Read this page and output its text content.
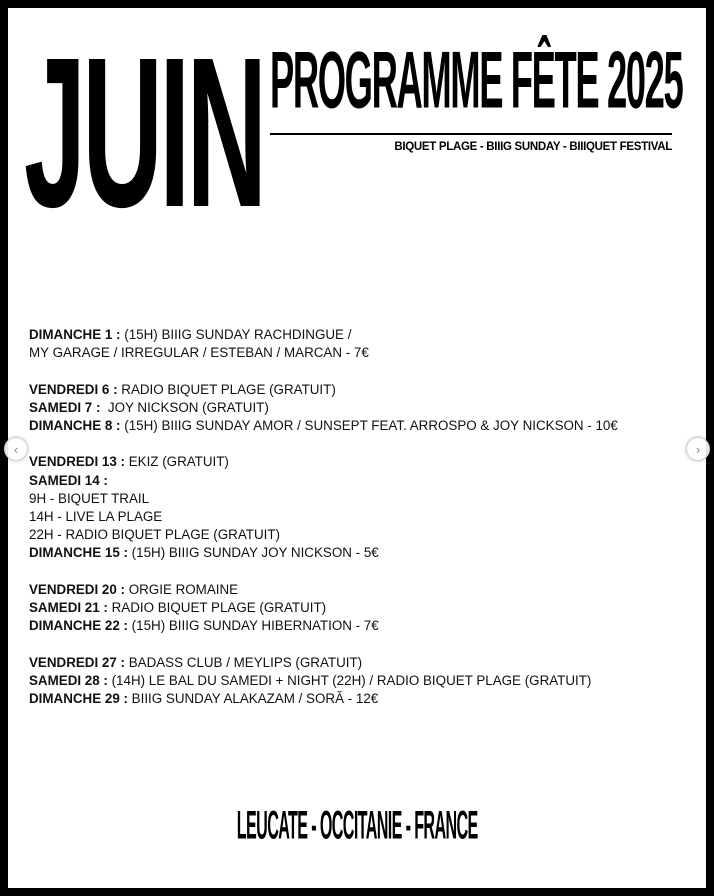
JUIN PROGRAMME FÊTE 2025
BIQUET PLAGE - BIIIG SUNDAY - BIIIQUET FESTIVAL
DIMANCHE 1 : (15H) BIIIG SUNDAY RACHDINGUE /
MY GARAGE / IRREGULAR / ESTEBAN / MARCAN - 7€
VENDREDI 6 : RADIO BIQUET PLAGE (GRATUIT)
SAMEDI 7 :  JOY NICKSON (GRATUIT)
DIMANCHE 8 : (15H) BIIIG SUNDAY AMOR / SUNSEPT FEAT. ARROSPO & JOY NICKSON - 10€
VENDREDI 13 : EKIZ (GRATUIT)
SAMEDI 14 :
9H - BIQUET TRAIL
14H - LIVE LA PLAGE
22H - RADIO BIQUET PLAGE (GRATUIT)
DIMANCHE 15 : (15H) BIIIG SUNDAY JOY NICKSON - 5€
VENDREDI 20 : ORGIE ROMAINE
SAMEDI 21 : RADIO BIQUET PLAGE (GRATUIT)
DIMANCHE 22 : (15H) BIIIG SUNDAY HIBERNATION - 7€
VENDREDI 27 : BADASS CLUB / MEYLIPS (GRATUIT)
SAMEDI 28 : (14H) LE BAL DU SAMEDI + NIGHT (22H) / RADIO BIQUET PLAGE (GRATUIT)
DIMANCHE 29 : BIIIG SUNDAY ALAKAZAM / SORĂ - 12€
LEUCATE - OCCITANIE - FRANCE
‹	›
